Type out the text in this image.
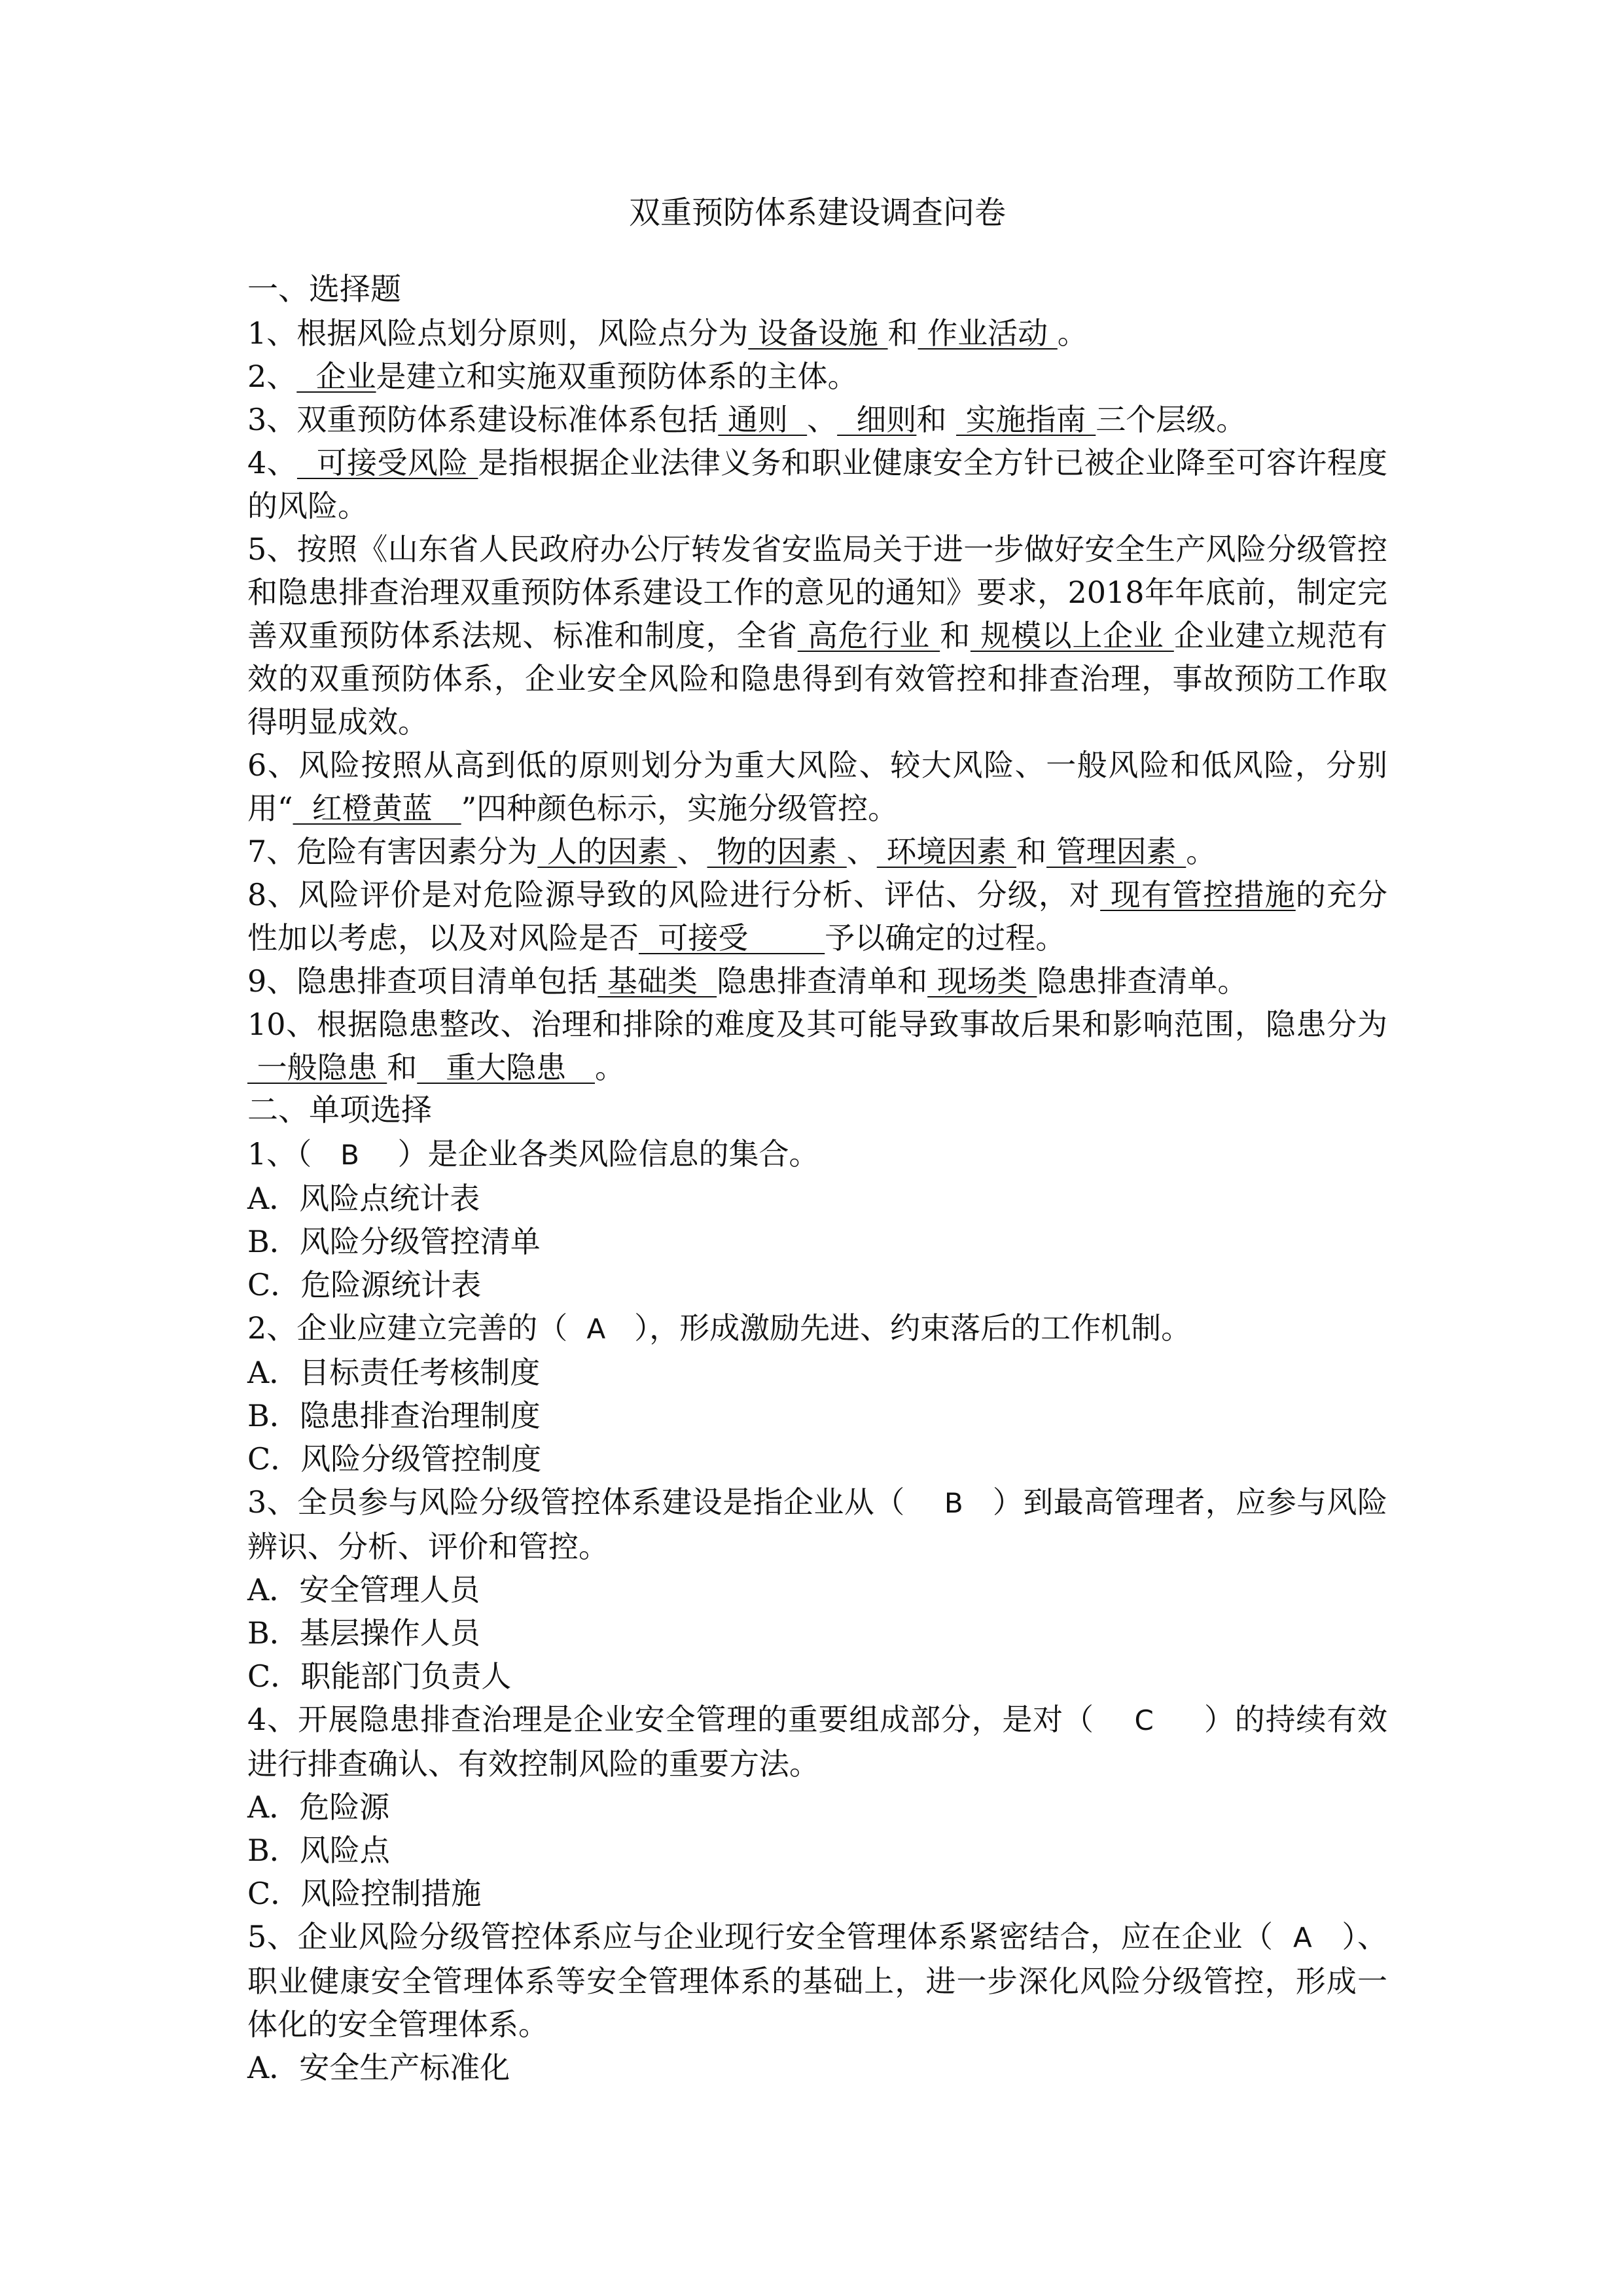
双重预防体系建设调查问卷
一、选择题

1、根据风险点划分原则，风险点分为 设备设施 和 作业活动 。

2、  企业是建立和实施双重预防体系的主体。

3、双重预防体系建设标准体系包括 通则  、  细则和  实施指南 三个层级。

4、  可接受风险 是指根据企业法律义务和职业健康安全方针已被企业降至可容许程度的风险。

5、按照《山东省人民政府办公厅转发省安监局关于进一步做好安全生产风险分级管控和隐患排查治理双重预防体系建设工作的意见的通知》要求，2018年年底前，制定完善双重预防体系法规、标准和制度，全省 高危行业 和 规模以上企业 企业建立规范有效的双重预防体系，企业安全风险和隐患得到有效管控和排查治理，事故预防工作取得明显成效。

6、风险按照从高到低的原则划分为重大风险、较大风险、一般风险和低风险，分别用“  红橙黄蓝   ”四种颜色标示，实施分级管控。

7、危险有害因素分为 人的因素 、 物的因素 、 环境因素 和 管理因素 。

8、风险评价是对危险源导致的风险进行分析、评估、分级，对 现有管控措施的充分性加以考虑，以及对风险是否  可接受        予以确定的过程。

9、隐患排查项目清单包括 基础类  隐患排查清单和 现场类 隐患排查清单。

10、根据隐患整改、治理和排除的难度及其可能导致事故后果和影响范围，隐患分为 一般隐患 和   重大隐患   。

二、单项选择

1、（   B    ）是企业各类风险信息的集合。

A．风险点统计表
B．风险分级管控清单
C．危险源统计表

2、企业应建立完善的（  A   ），形成激励先进、约束落后的工作机制。

A．目标责任考核制度
B．隐患排查治理制度
C．风险分级管控制度

3、全员参与风险分级管控体系建设是指企业从（    B   ）到最高管理者，应参与风险辨识、分析、评价和管控。

A．安全管理人员
B．基层操作人员
C．职能部门负责人

4、开展隐患排查治理是企业安全管理的重要组成部分，是对（    C     ）的持续有效进行排查确认、有效控制风险的重要方法。

A．危险源
B．风险点
C．风险控制措施

5、企业风险分级管控体系应与企业现行安全管理体系紧密结合，应在企业（  A   ）、职业健康安全管理体系等安全管理体系的基础上，进一步深化风险分级管控，形成一体化的安全管理体系。

A．安全生产标准化
